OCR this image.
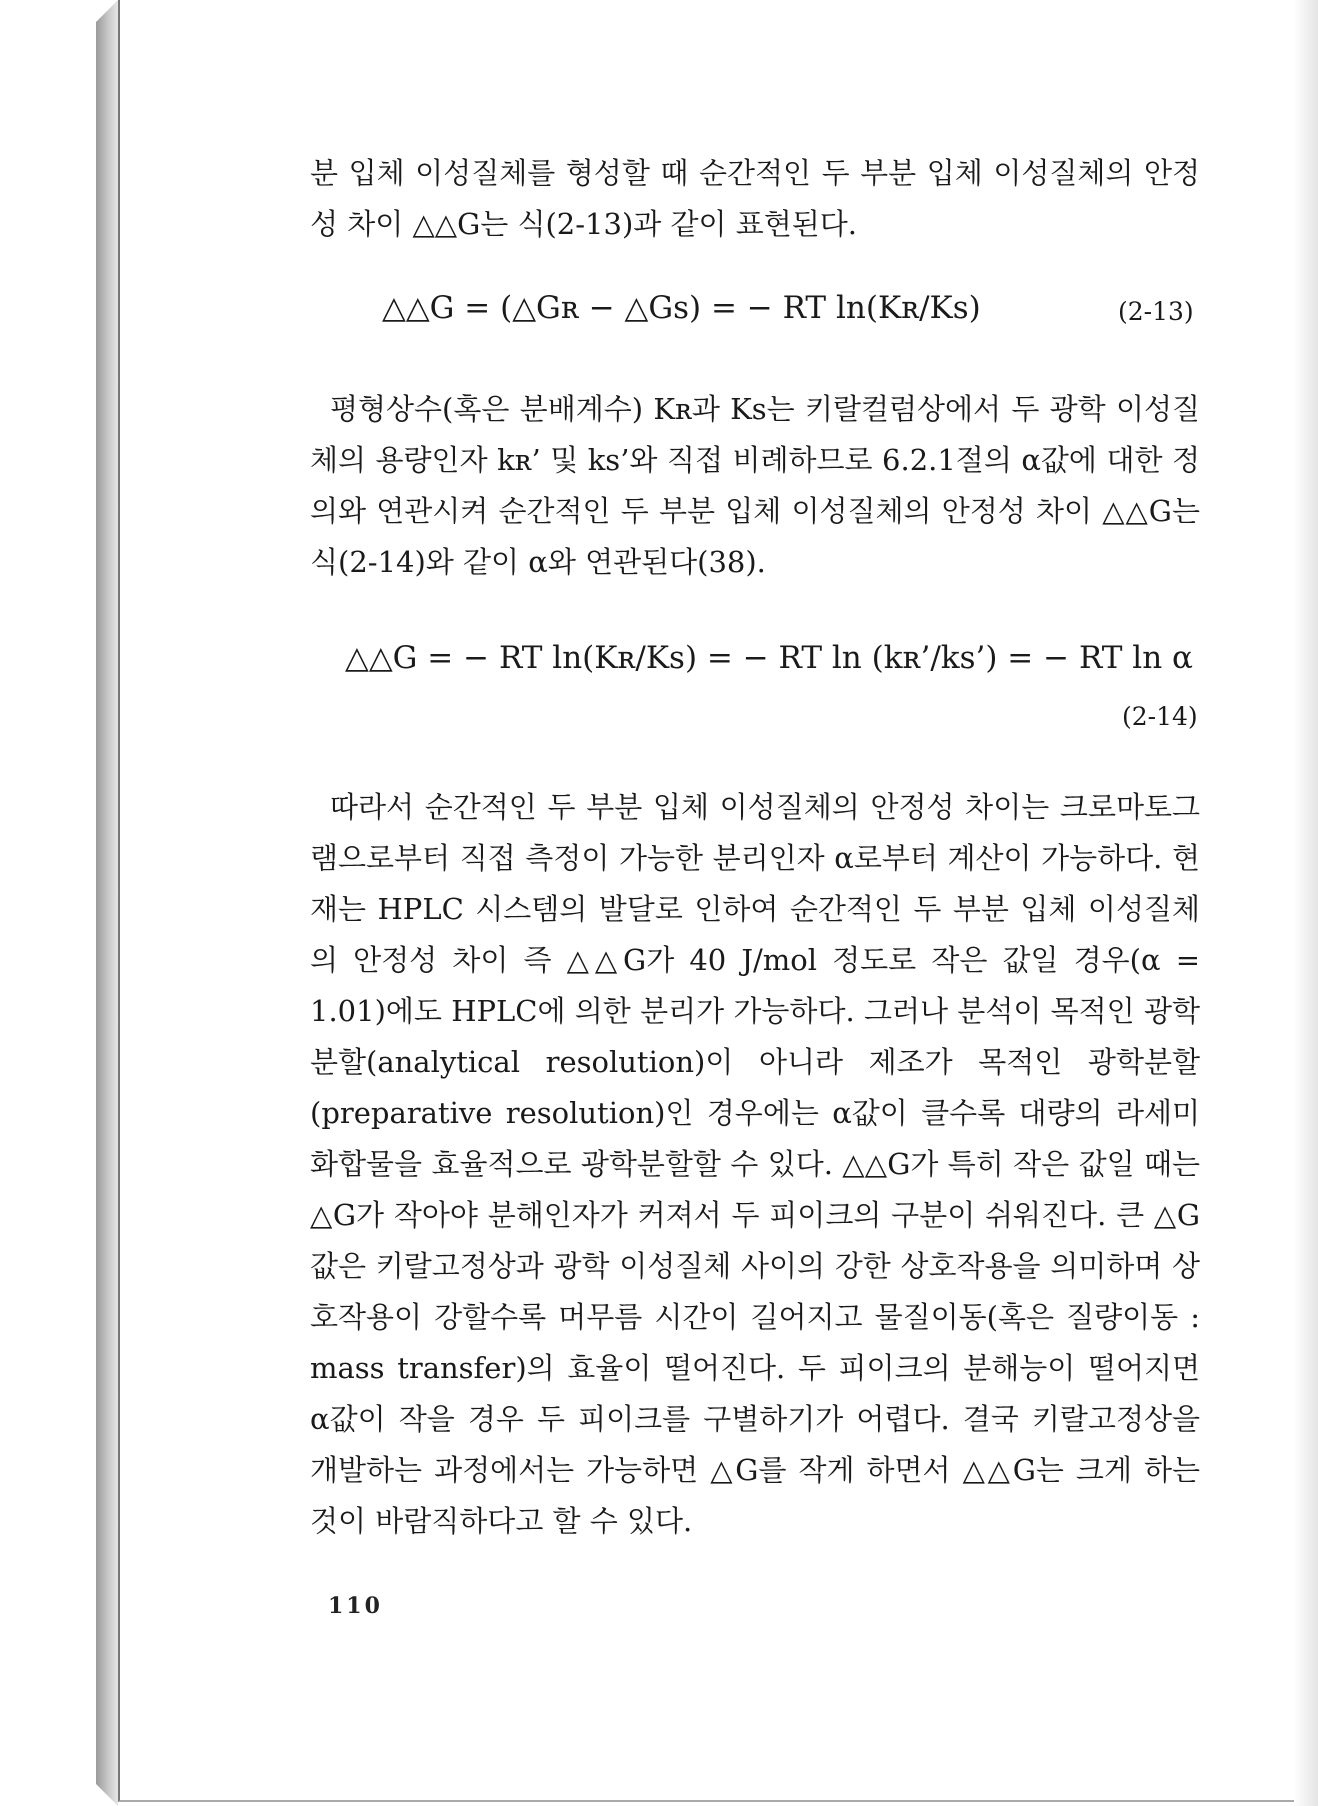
분 입체 이성질체를 형성할 때 순간적인 두 부분 입체 이성질체의 안정성 차이 △△G는 식(2-13)과 같이 표현된다.

△△G = (△Gʀ − △Gѕ) = − RT ln(Kʀ/Kѕ)	(2-13)

평형상수(혹은 분배계수) Kʀ과 Kѕ는 키랄컬럼상에서 두 광학 이성질체의 용량인자 kʀ’ 및 kѕ’와 직접 비례하므로 6.2.1절의 α값에 대한 정의와 연관시켜 순간적인 두 부분 입체 이성질체의 안정성 차이 △△G는 식(2-14)와 같이 α와 연관된다(38).

△△G = − RT ln(Kʀ/Kѕ) = − RT ln (kʀ’/kѕ’) = − RT ln α
(2-14)

따라서 순간적인 두 부분 입체 이성질체의 안정성 차이는 크로마토그램으로부터 직접 측정이 가능한 분리인자 α로부터 계산이 가능하다. 현재는 HPLC 시스템의 발달로 인하여 순간적인 두 부분 입체 이성질체의 안정성 차이 즉 △△G가 40 J/mol 정도로 작은 값일 경우(α = 1.01)에도 HPLC에 의한 분리가 가능하다. 그러나 분석이 목적인 광학분할(analytical resolution)이 아니라 제조가 목적인 광학분할(preparative resolution)인 경우에는 α값이 클수록 대량의 라세미 화합물을 효율적으로 광학분할할 수 있다. △△G가 특히 작은 값일 때는 △G가 작아야 분해인자가 커져서 두 피이크의 구분이 쉬워진다. 큰 △G값은 키랄고정상과 광학 이성질체 사이의 강한 상호작용을 의미하며 상호작용이 강할수록 머무름 시간이 길어지고 물질이동(혹은 질량이동 : mass transfer)의 효율이 떨어진다. 두 피이크의 분해능이 떨어지면 α값이 작을 경우 두 피이크를 구별하기가 어렵다. 결국 키랄고정상을 개발하는 과정에서는 가능하면 △G를 작게 하면서 △△G는 크게 하는 것이 바람직하다고 할 수 있다.

110
